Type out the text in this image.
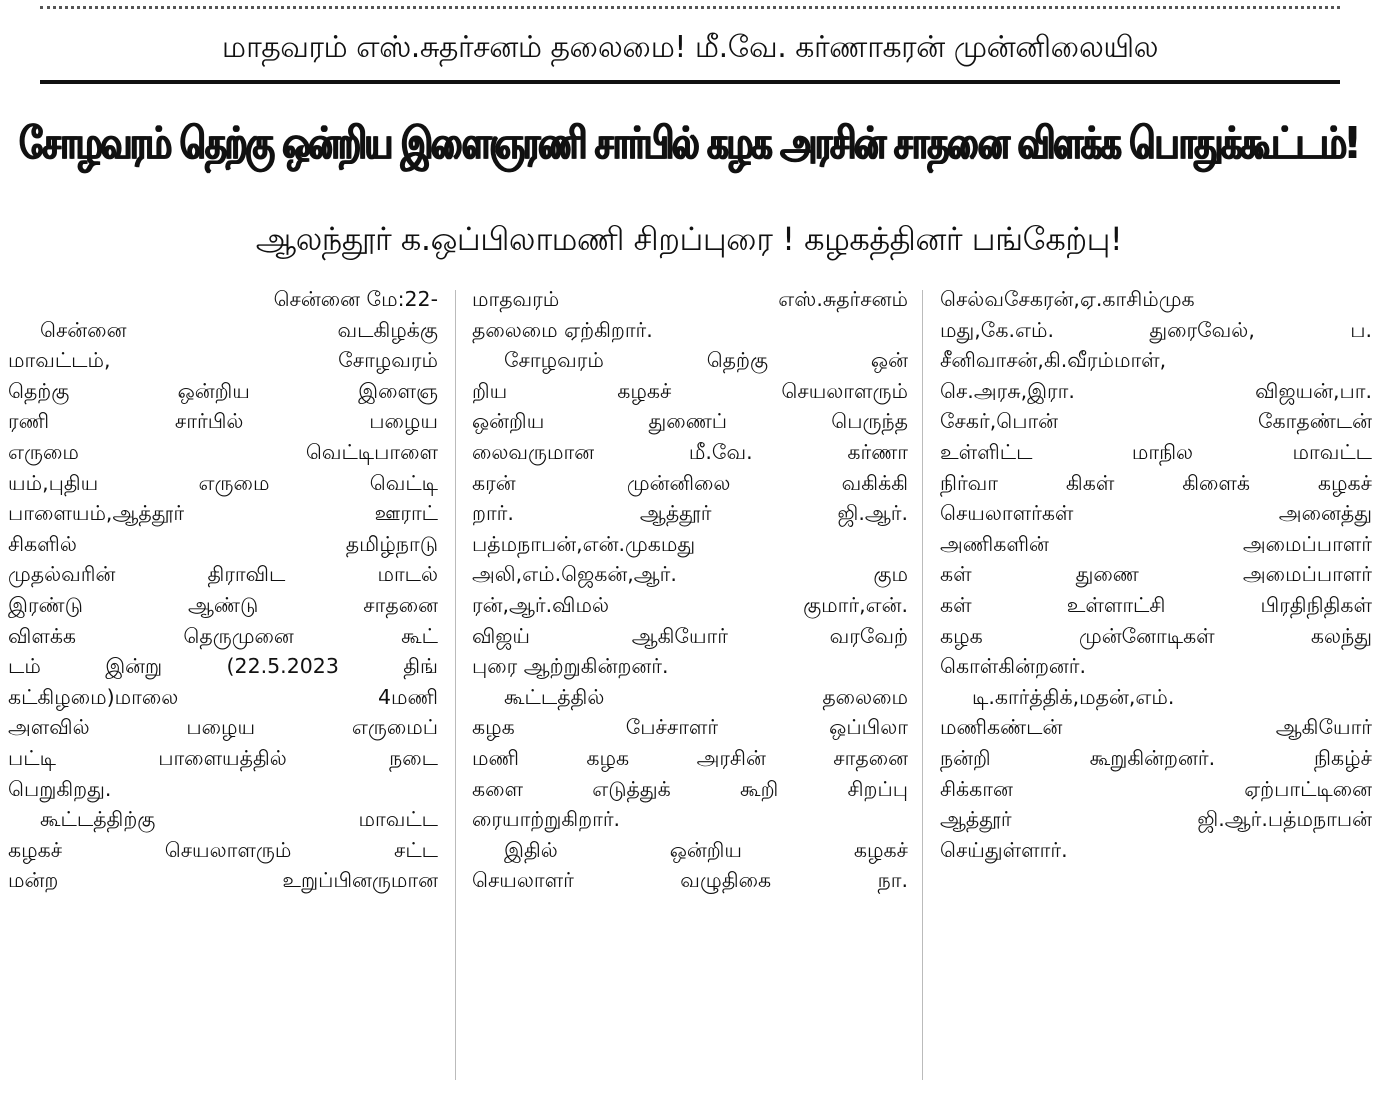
மாதவரம் எஸ்.சுதர்சனம் தலைமை! மீ.வே. கர்ணாகரன் முன்னிலையில
சோழவரம் தெற்கு ஒன்றிய இளைஞரணி சார்பில் கழக அரசின் சாதனை விளக்க பொதுக்கூட்டம்!
ஆலந்தூர் க.ஒப்பிலாமணி சிறப்புரை ! கழகத்தினர் பங்கேற்பு!
சென்னை மே:22-
சென்னை வடகிழக்கு
மாவட்டம், சோழவரம்
தெற்கு ஒன்றிய இளைஞ
ரணி சார்பில் பழைய
எருமை வெட்டிபாளை
யம்,புதிய எருமை வெட்டி
பாளையம்,ஆத்தூர் ஊராட்
சிகளில் தமிழ்நாடு
முதல்வரின் திராவிட மாடல்
இரண்டு ஆண்டு சாதனை
விளக்க தெருமுனை கூட்
டம் இன்று (22.5.2023 திங்
கட்கிழமை)மாலை 4மணி
அளவில் பழைய எருமைப்
பட்டி பாளையத்தில் நடை
பெறுகிறது.
கூட்டத்திற்கு மாவட்ட
கழகச் செயலாளரும் சட்ட
மன்ற உறுப்பினருமான
மாதவரம் எஸ்.சுதர்சனம்
தலைமை ஏற்கிறார்.
சோழவரம் தெற்கு ஒன்
றிய கழகச் செயலாளரும்
ஒன்றிய துணைப் பெருந்த
லைவருமான மீ.வே. கர்ணா
கரன் முன்னிலை வகிக்கி
றார். ஆத்தூர் ஜி.ஆர்.
பத்மநாபன்,என்.முகமது
அலி,எம்.ஜெகன்,ஆர். கும
ரன்,ஆர்.விமல் குமார்,என்.
விஜய் ஆகியோர் வரவேற்
புரை ஆற்றுகின்றனர்.
கூட்டத்தில் தலைமை
கழக பேச்சாளர் ஒப்பிலா
மணி கழக அரசின் சாதனை
களை எடுத்துக் கூறி சிறப்பு
ரையாற்றுகிறார்.
இதில் ஒன்றிய கழகச்
செயலாளர் வழுதிகை நா.
செல்வசேகரன்,ஏ.காசிம்முக
மது,கே.எம். துரைவேல், ப.
சீனிவாசன்,கி.வீரம்மாள்,
செ.அரசு,இரா. விஜயன்,பா.
சேகர்,பொன் கோதண்டன்
உள்ளிட்ட மாநில மாவட்ட
நிர்வா கிகள் கிளைக் கழகச்
செயலாளர்கள் அனைத்து
அணிகளின் அமைப்பாளர்
கள் துணை அமைப்பாளர்
கள் உள்ளாட்சி பிரதிநிதிகள்
கழக முன்னோடிகள் கலந்து
கொள்கின்றனர்.
டி.கார்த்திக்,மதன்,எம்.
மணிகண்டன் ஆகியோர்
நன்றி கூறுகின்றனர். நிகழ்ச்
சிக்கான ஏற்பாட்டினை
ஆத்தூர் ஜி.ஆர்.பத்மநாபன்
செய்துள்ளார்.
